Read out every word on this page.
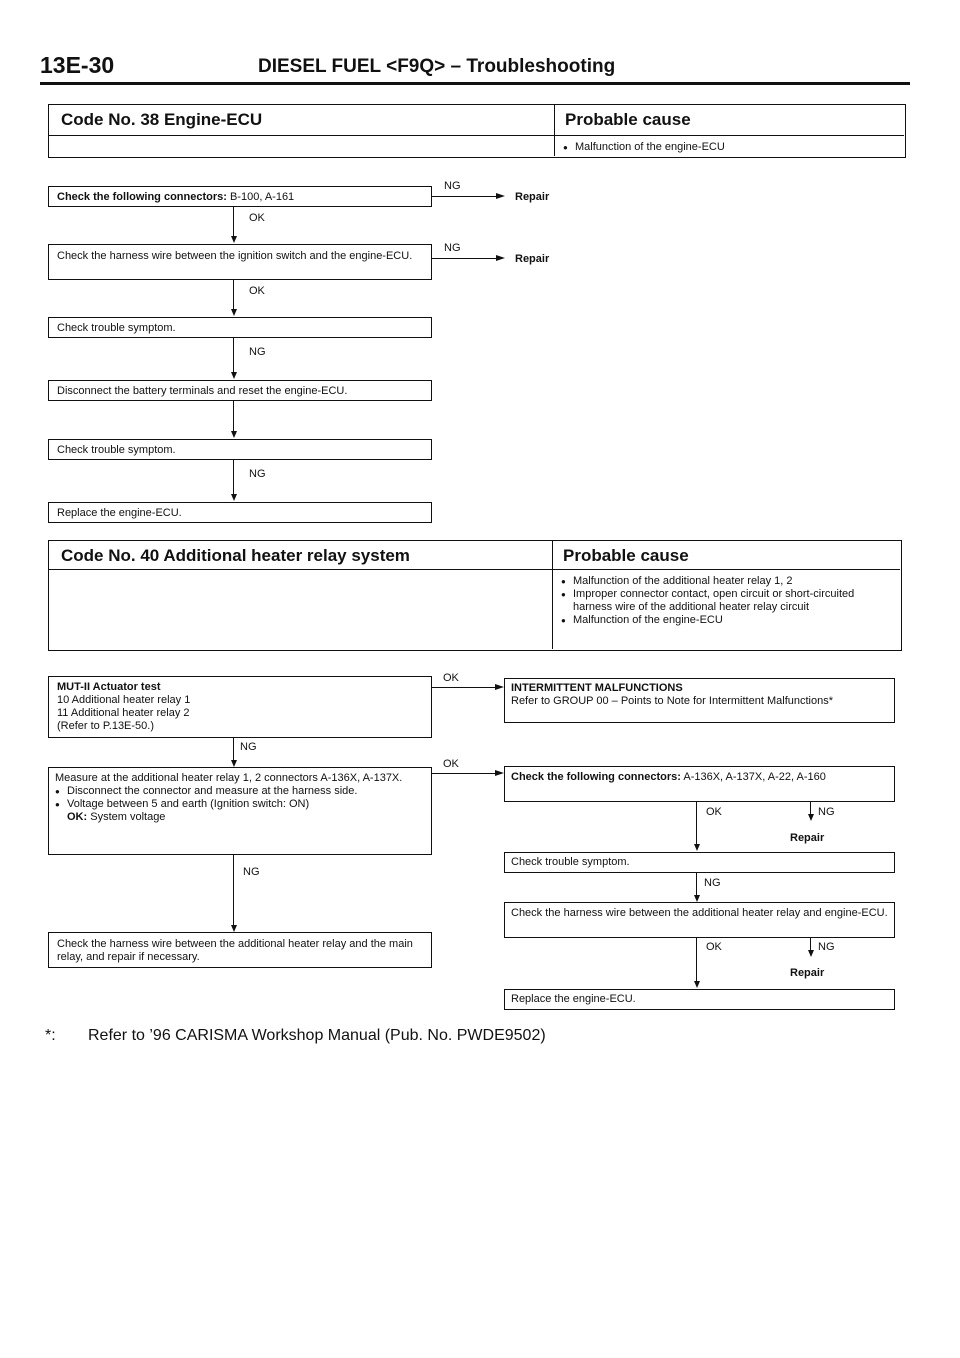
13E-30	DIESEL FUEL <F9Q> – Troubleshooting
Code No. 38 Engine-ECU	Probable cause
● Malfunction of the engine-ECU
Check the following connectors: B-100, A-161
NG
Repair
OK
Check the harness wire between the ignition switch and the engine-ECU.
NG
Repair
OK
Check trouble symptom.
NG
Disconnect the battery terminals and reset the engine-ECU.
Check trouble symptom.
NG
Replace the engine-ECU.
Code No. 40 Additional heater relay system	Probable cause
● Malfunction of the additional heater relay 1, 2
● Improper connector contact, open circuit or short-circuited harness wire of the additional heater relay circuit
● Malfunction of the engine-ECU
MUT-II Actuator test
10 Additional heater relay 1
11 Additional heater relay 2
(Refer to P.13E-50.)
OK
NG
Measure at the additional heater relay 1, 2 connectors A-136X, A-137X.
● Disconnect the connector and measure at the harness side.
● Voltage between 5 and earth (Ignition switch: ON)
OK: System voltage
OK
NG
Check the harness wire between the additional heater relay and the main relay, and repair if necessary.
INTERMITTENT MALFUNCTIONS
Refer to GROUP 00 – Points to Note for Intermittent Malfunctions*
Check the following connectors: A-136X, A-137X, A-22, A-160
OK	NG
Repair
Check trouble symptom.
NG
Check the harness wire between the additional heater relay and engine-ECU.
OK	NG
Repair
Replace the engine-ECU.
*: Refer to ’96 CARISMA Workshop Manual (Pub. No. PWDE9502)
